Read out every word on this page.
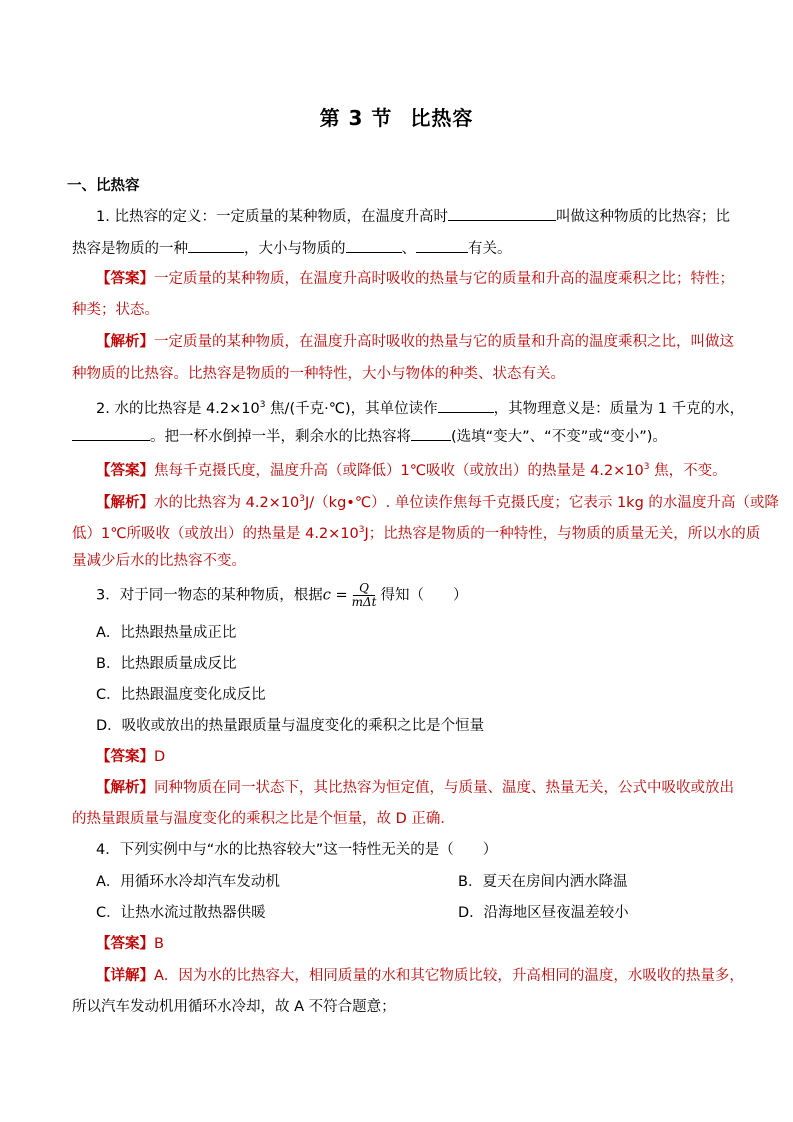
第 3 节 比热容
一、比热容
1. 比热容的定义：一定质量的某种物质，在温度升高时	叫做这种物质的比热容；比
热容是物质的一种	，大小与物质的	、	有关。
【答案】一定质量的某种物质，在温度升高时吸收的热量与它的质量和升高的温度乘积之比；特性；
种类；状态。
【解析】一定质量的某种物质，在温度升高时吸收的热量与它的质量和升高的温度乘积之比，叫做这
种物质的比热容。比热容是物质的一种特性，大小与物体的种类、状态有关。
2. 水的比热容是 $4.2\times 10^3$ 焦/(千克·℃)，其单位读作	，其物理意义是：质量为 1 千克的水，
。把一杯水倒掉一半，剩余水的比热容将	(选填“变大”、“不变”或“变小”)。
【答案】焦每千克摄氏度，温度升高（或降低）1℃吸收（或放出）的热量是 $4.2\times 10^3$ 焦，不变。
【解析】水的比热容为 $4.2\times 10^3J/(kg•℃)$. 单位读作焦每千克摄氏度；它表示 1kg 的水温度升高（或降
低）1℃所吸收（或放出）的热量是 $4.2\times 10^3J$；比热容是物质的一种特性，与物质的质量无关，所以水的质
量减少后水的比热容不变。
3．对于同一物态的某种物质，根据$c = \frac{Q}{\text{mΔt}}$ 得知（　　）
A．比热跟热量成正比
B．比热跟质量成反比
C．比热跟温度变化成反比
D．吸收或放出的热量跟质量与温度变化的乘积之比是个恒量
【答案】D
【解析】同种物质在同一状态下，其比热容为恒定值，与质量、温度、热量无关，公式中吸收或放出
的热量跟质量与温度变化的乘积之比是个恒量，故 D 正确．
4．下列实例中与“水的比热容较大”这一特性无关的是（　　）
A．用循环水冷却汽车发动机	B．夏天在房间内洒水降温
C．让热水流过散热器供暖	D．沿海地区昼夜温差较小
【答案】B
【详解】A．因为水的比热容大，相同质量的水和其它物质比较，升高相同的温度，水吸收的热量多，
所以汽车发动机用循环水冷却，故 A 不符合题意；
